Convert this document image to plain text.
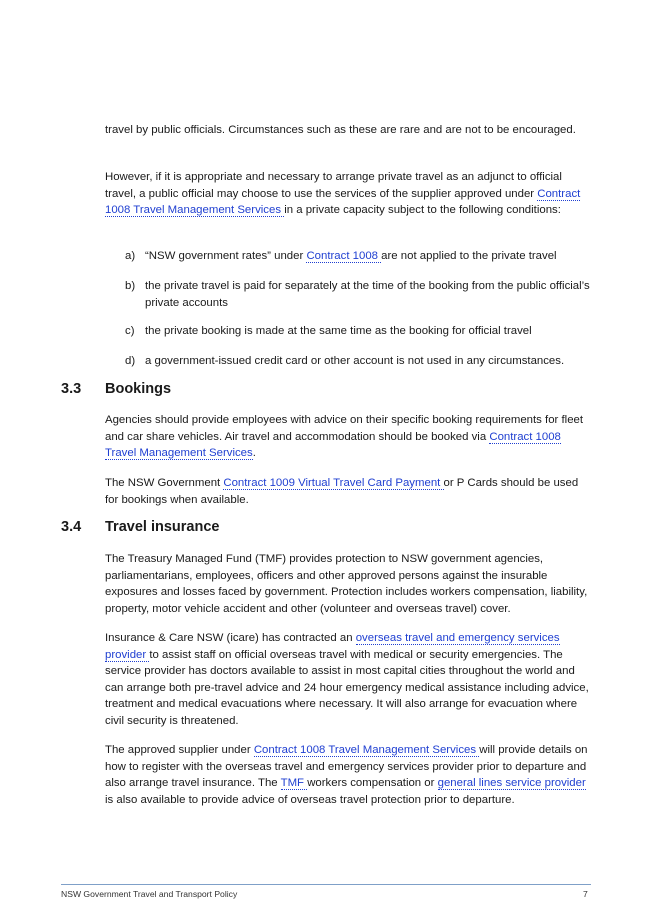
travel by public officials. Circumstances such as these are rare and are not to be encouraged.

However, if it is appropriate and necessary to arrange private travel as an adjunct to official travel, a public official may choose to use the services of the supplier approved under Contract 1008 Travel Management Services in a private capacity subject to the following conditions:

a) “NSW government rates” under Contract 1008 are not applied to the private travel
b) the private travel is paid for separately at the time of the booking from the public official’s private accounts
c) the private booking is made at the same time as the booking for official travel
d) a government-issued credit card or other account is not used in any circumstances.
3.3 Bookings

Agencies should provide employees with advice on their specific booking requirements for fleet and car share vehicles. Air travel and accommodation should be booked via Contract 1008 Travel Management Services.

The NSW Government Contract 1009 Virtual Travel Card Payment or P Cards should be used for bookings when available.

3.4 Travel insurance

The Treasury Managed Fund (TMF) provides protection to NSW government agencies, parliamentarians, employees, officers and other approved persons against the insurable exposures and losses faced by government. Protection includes workers compensation, liability, property, motor vehicle accident and other (volunteer and overseas travel) cover.

Insurance & Care NSW (icare) has contracted an overseas travel and emergency services provider to assist staff on official overseas travel with medical or security emergencies. The service provider has doctors available to assist in most capital cities throughout the world and can arrange both pre-travel advice and 24 hour emergency medical assistance including advice, treatment and medical evacuations where necessary. It will also arrange for evacuation where civil security is threatened.

The approved supplier under Contract 1008 Travel Management Services will provide details on how to register with the overseas travel and emergency services provider prior to departure and also arrange travel insurance. The TMF workers compensation or general lines service provider is also available to provide advice of overseas travel protection prior to departure.

NSW Government Travel and Transport Policy	7
